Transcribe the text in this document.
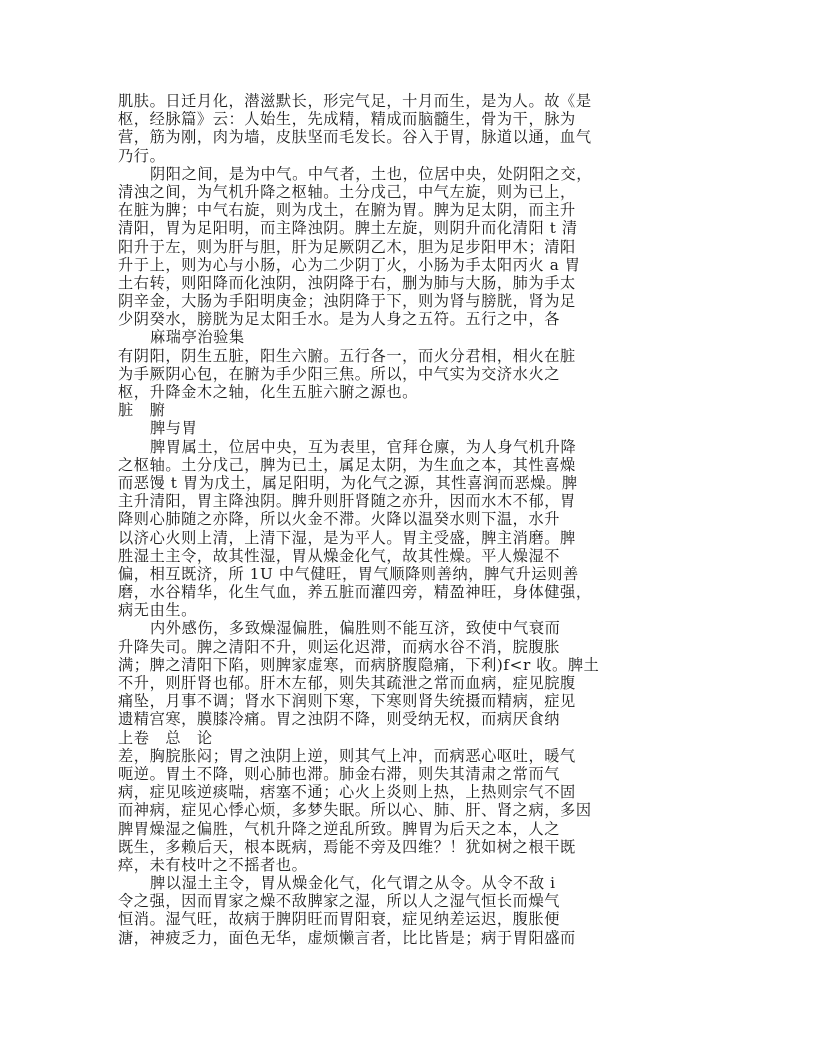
肌肤。日迁月化，潜滋默长，形完气足，十月而生，是为人。故《是
枢，经脉篇》云：人始生，先成精，精成而脑髓生，骨为干，脉为
营，筋为刚，肉为墙，皮肤坚而毛发长。谷入于胃，脉道以通，血气
乃行。
阴阳之间，是为中气。中气者，土也，位居中央，处阴阳之交，
清浊之间，为气机升降之枢轴。土分戊己，中气左旋，则为已上，
在脏为脾；中气右旋，则为戊土，在腑为胃。脾为足太阴，而主升
清阳，胃为足阳明，而主降浊阴。脾土左旋，则阴升而化清阳 t 清
阳升于左，则为肝与胆，肝为足厥阴乙木，胆为足步阳甲木；清阳
升于上，则为心与小肠，心为二少阴丁火，小肠为手太阳丙火 a 胃
土右转，则阳降而化浊阴，浊阴降于右，删为肺与大肠，肺为手太
阴辛金，大肠为手阳明庚金；浊阴降于下，则为肾与膀胱，肾为足
少阴癸水，膀胱为足太阳壬水。是为人身之五符。五行之中，各
麻瑞亭治验集
有阴阳，阴生五脏，阳生六腑。五行各一，而火分君相，相火在脏
为手厥阴心包，在腑为手少阳三焦。所以，中气实为交济水火之
枢，升降金木之轴，化生五脏六腑之源也。
脏　腑
脾与胃
脾胃属土，位居中央，互为表里，官拜仓廪，为人身气机升降
之枢轴。土分戊己，脾为已土，属足太阴，为生血之本，其性喜燥
而恶馒 t 胃为戊土，属足阳明，为化气之源，其性喜润而恶燥。脾
主升清阳，胃主降浊阴。脾升则肝肾随之亦升，因而水木不郁，胃
降则心肺随之亦降，所以火金不滞。火降以温癸水则下温，水升
以济心火则上清，上清下湿，是为平人。胃主受盛，脾主消磨。脾
胜湿土主令，故其性湿，胃从燥金化气，故其性燥。平人燥湿不
偏，相互既济，所 1U 中气健旺，胃气顺降则善纳，脾气升运则善
磨，水谷精华，化生气血，养五脏而灌四旁，精盈神旺，身体健强，
病无由生。
内外感伤，多致燥湿偏胜，偏胜则不能互济，致使中气衰而
升降失司。脾之清阳不升，则运化迟滞，而病水谷不消，脘腹胀
满；脾之清阳下陷，则脾家虚寒，而病脐腹隐痛，下利)f<r 收。脾土
不升，则肝肾也郁。肝木左郁，则失其疏泄之常而血病，症见脘腹
痛坠，月事不调；肾水下润则下寒，下寒则肾失统摄而精病，症见
遗精宫寒，膜膝冷痛。胃之浊阴不降，则受纳无权，而病厌食纳
上卷　总　论
差，胸脘胀闷；胃之浊阴上逆，则其气上冲，而病恶心呕吐，暖气
呃逆。胃土不降，则心肺也滞。肺金右滞，则失其清肃之常而气
病，症见咳逆痰喘，痞塞不通；心火上炎则上热，上热则宗气不固
而神病，症见心悸心烦，多梦失眠。所以心、肺、肝、肾之病，多因
脾胃燥湿之偏胜，气机升降之逆乱所致。脾胃为后天之本，人之
既生，多赖后天，根本既病，焉能不旁及四维？！犹如树之根干既
瘁，未有枝叶之不摇者也。
脾以湿土主令，胃从燥金化气，化气谓之从令。从令不敌 i
令之强，因而胃家之燥不敌脾家之湿，所以人之湿气恒长而燥气
恒消。湿气旺，故病于脾阴旺而胃阳衰，症见纳差运迟，腹胀便
溏，神疲乏力，面色无华，虚烦懒言者，比比皆是；病于胃阳盛而
